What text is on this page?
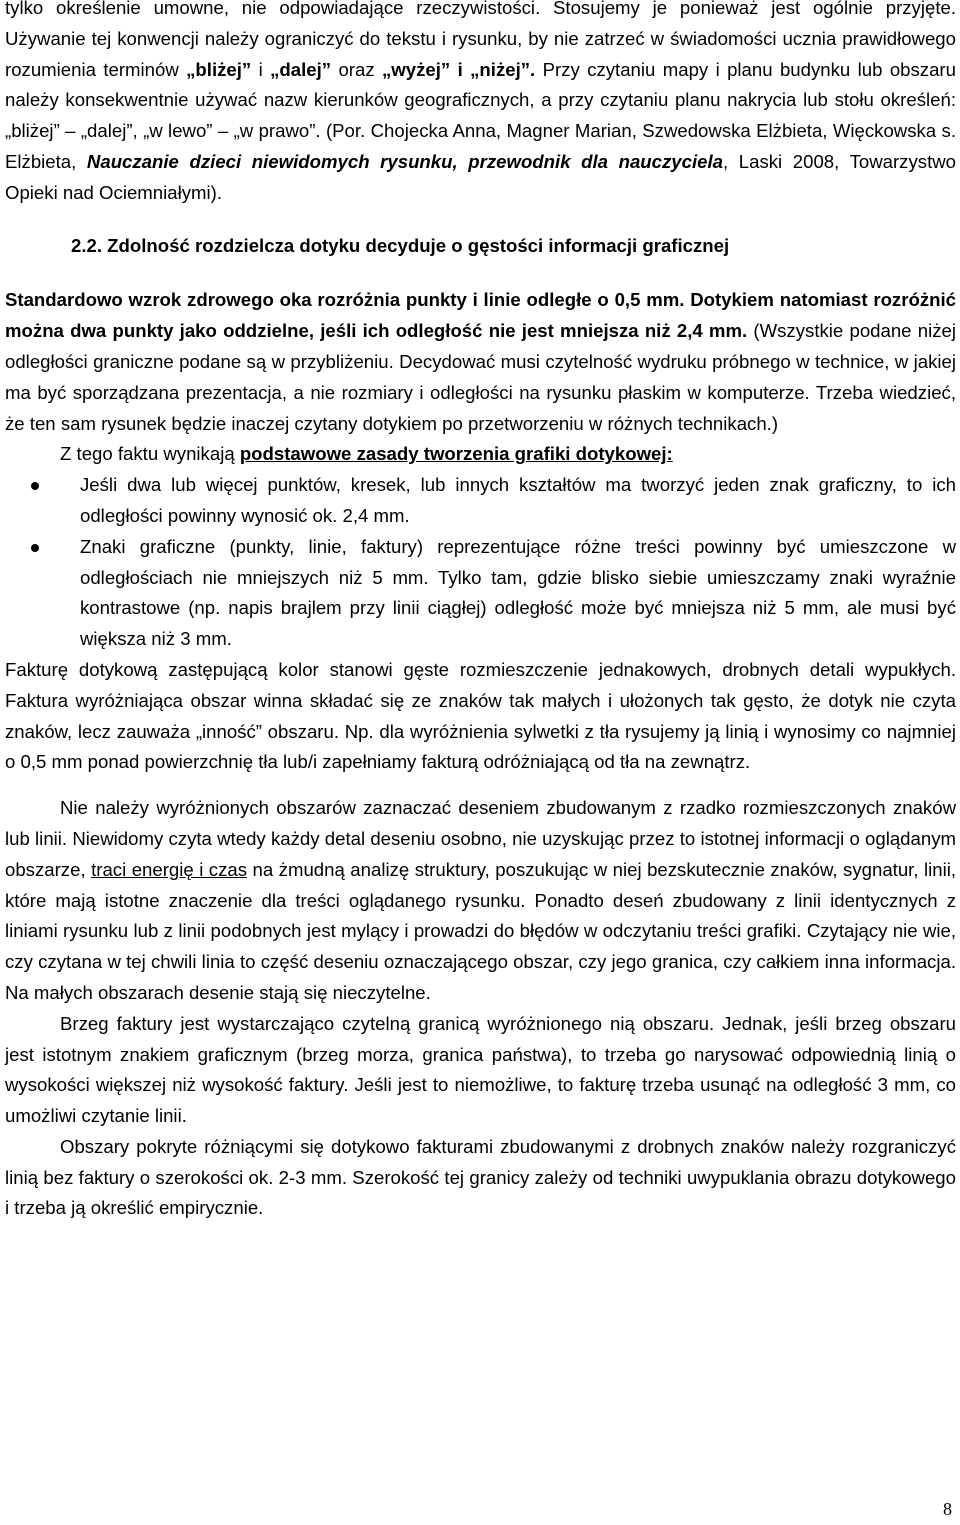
tylko określenie umowne, nie odpowiadające rzeczywistości. Stosujemy je ponieważ jest ogólnie przyjęte. Używanie tej konwencji należy ograniczyć do tekstu i rysunku, by nie zatrzeć w świadomości ucznia prawidłowego rozumienia terminów „bliżej” i „dalej” oraz „wyżej” i „niżej”. Przy czytaniu mapy i planu budynku lub obszaru należy konsekwentnie używać nazw kierunków geograficznych, a przy czytaniu planu nakrycia lub stołu określeń: „bliżej” – „dalej”, „w lewo” – „w prawo”. (Por. Chojecka Anna, Magner Marian, Szwedowska Elżbieta, Więckowska s. Elżbieta, Nauczanie dzieci niewidomych rysunku, przewodnik dla nauczyciela, Laski 2008, Towarzystwo Opieki nad Ociemniałymi).

2.2. Zdolność rozdzielcza dotyku decyduje o gęstości informacji graficznej

Standardowo wzrok zdrowego oka rozróżnia punkty i linie odległe o 0,5 mm. Dotykiem natomiast rozróżnić można dwa punkty jako oddzielne, jeśli ich odległość nie jest mniejsza niż 2,4 mm. (Wszystkie podane niżej odległości graniczne podane są w przybliżeniu. Decydować musi czytelność wydruku próbnego w technice, w jakiej ma być sporządzana prezentacja, a nie rozmiary i odległości na rysunku płaskim w komputerze. Trzeba wiedzieć, że ten sam rysunek będzie inaczej czytany dotykiem po przetworzeniu w różnych technikach.)

Z tego faktu wynikają podstawowe zasady tworzenia grafiki dotykowej:

Jeśli dwa lub więcej punktów, kresek, lub innych kształtów ma tworzyć jeden znak graficzny, to ich odległości powinny wynosić ok. 2,4 mm.
Znaki graficzne (punkty, linie, faktury) reprezentujące różne treści powinny być umieszczone w odległościach nie mniejszych niż 5 mm. Tylko tam, gdzie blisko siebie umieszczamy znaki wyraźnie kontrastowe (np. napis brajlem przy linii ciągłej) odległość może być mniejsza niż 5 mm, ale musi być większa niż 3 mm.

Fakturę dotykową zastępującą kolor stanowi gęste rozmieszczenie jednakowych, drobnych detali wypukłych. Faktura wyróżniająca obszar winna składać się ze znaków tak małych i ułożonych tak gęsto, że dotyk nie czyta znaków, lecz zauważa „inność” obszaru. Np. dla wyróżnienia sylwetki z tła rysujemy ją linią i wynosimy co najmniej o 0,5 mm ponad powierzchnię tła lub/i zapełniamy fakturą odróżniającą od tła na zewnątrz.

Nie należy wyróżnionych obszarów zaznaczać deseniem zbudowanym z rzadko rozmieszczonych znaków lub linii. Niewidomy czyta wtedy każdy detal deseniu osobno, nie uzyskując przez to istotnej informacji o oglądanym obszarze, traci energię i czas na żmudną analizę struktury, poszukując w niej bezskutecznie znaków, sygnatur, linii, które mają istotne znaczenie dla treści oglądanego rysunku. Ponadto deseń zbudowany z linii identycznych z liniami rysunku lub z linii podobnych jest mylący i prowadzi do błędów w odczytaniu treści grafiki. Czytający nie wie, czy czytana w tej chwili linia to część deseniu oznaczającego obszar, czy jego granica, czy całkiem inna informacja. Na małych obszarach desenie stają się nieczytelne.

Brzeg faktury jest wystarczająco czytelną granicą wyróżnionego nią obszaru. Jednak, jeśli brzeg obszaru jest istotnym znakiem graficznym (brzeg morza, granica państwa), to trzeba go narysować odpowiednią linią o wysokości większej niż wysokość faktury. Jeśli jest to niemożliwe, to fakturę trzeba usunąć na odległość 3 mm, co umożliwi czytanie linii.

Obszary pokryte różniącymi się dotykowo fakturami zbudowanymi z drobnych znaków należy rozgraniczyć linią bez faktury o szerokości ok. 2-3 mm. Szerokość tej granicy zależy od techniki uwypuklania obrazu dotykowego i trzeba ją określić empirycznie.

8
